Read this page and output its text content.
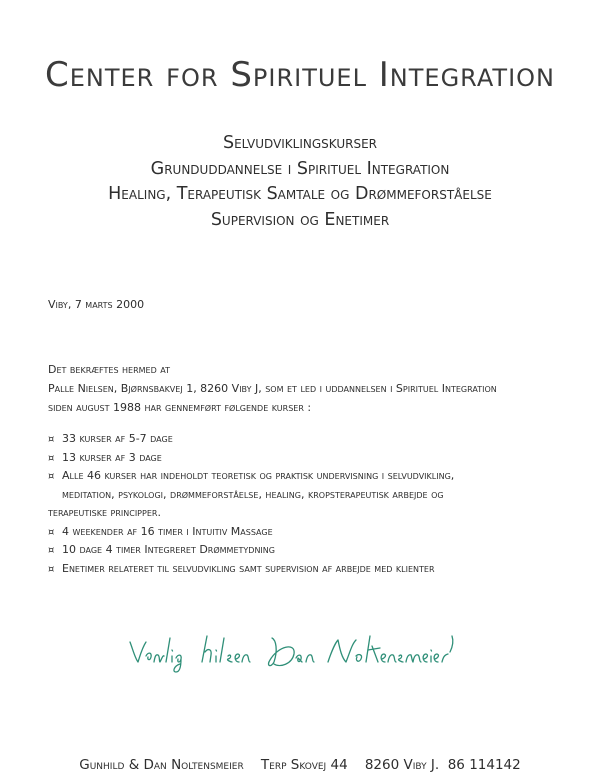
Center for Spirituel Integration
Selvudviklingskurser
Grunduddannelse i Spirituel Integration
Healing, Terapeutisk Samtale og Drømmeforståelse
Supervision og Enetimer
Viby, 7 marts 2000
Det bekræftes hermed at
Palle Nielsen, Bjørnsbakvej 1, 8260 Viby J, som et led i uddannelsen i Spirituel Integration
siden august 1988 har gennemført følgende kurser :
¤ 33 kurser af 5-7 dage
¤ 13 kurser af 3 dage
¤ Alle 46 kurser har indeholdt teoretisk og praktisk undervisning i selvudvikling,
meditation, psykologi, drømmeforståelse, healing, kropsterapeutisk arbejde og
terapeutiske principper.
¤ 4 weekender af 16 timer i Intuitiv Massage
¤ 10 dage 4 timer Integreret Drømmetydning
¤ Enetimer relateret til selvudvikling samt supervision af arbejde med klienter
Gunhild & Dan Noltensmeier Terp Skovej 44 8260 Viby J. 86 114142
